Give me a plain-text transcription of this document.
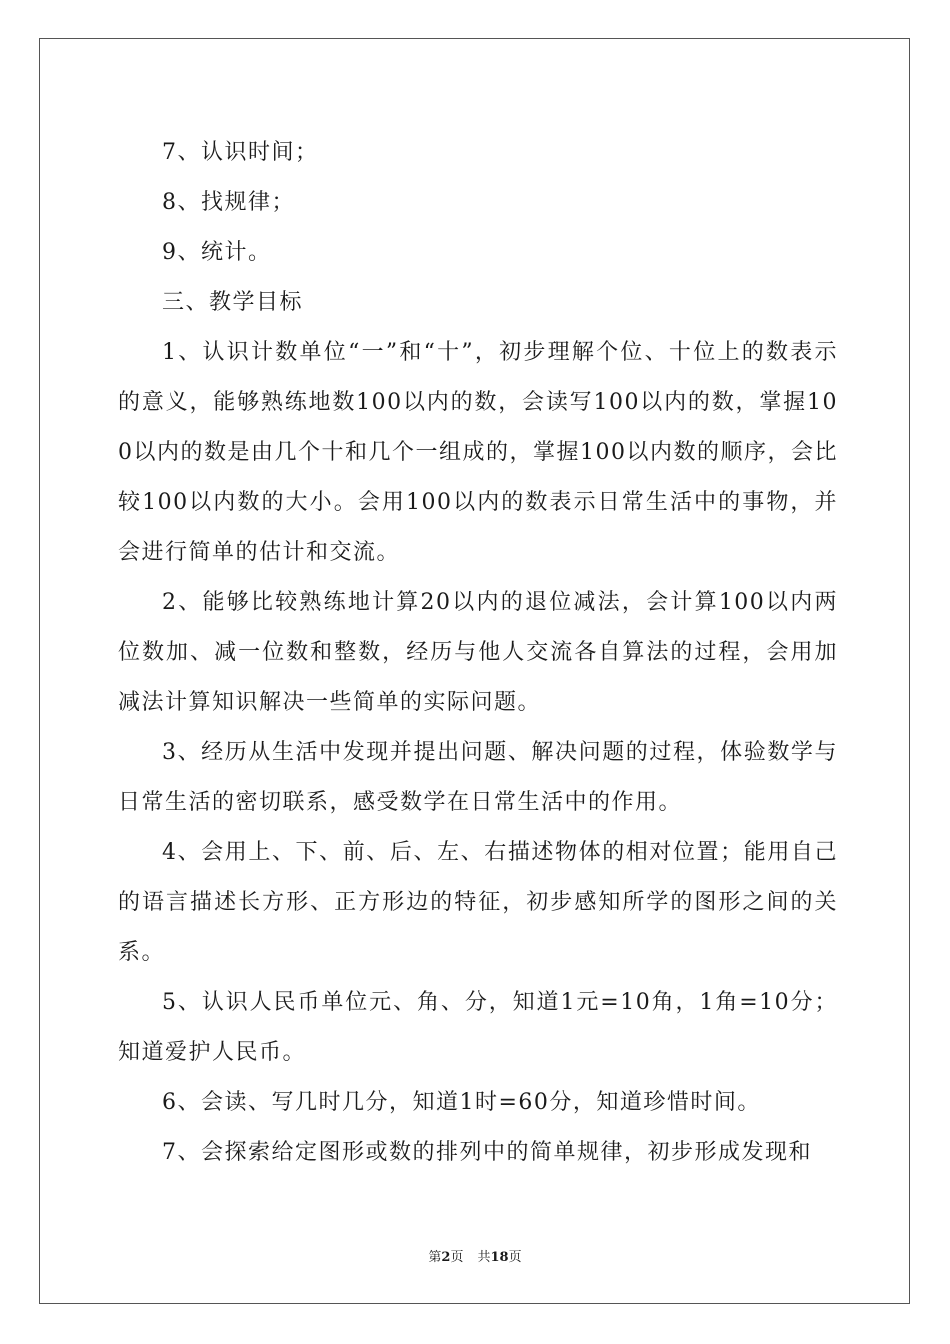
7、认识时间；

8、找规律；

9、统计。

三、教学目标

1、认识计数单位“一”和“十”，初步理解个位、十位上的数表示的意义，能够熟练地数100以内的数，会读写100以内的数，掌握100以内的数是由几个十和几个一组成的，掌握100以内数的顺序，会比较100以内数的大小。会用100以内的数表示日常生活中的事物，并会进行简单的估计和交流。

2、能够比较熟练地计算20以内的退位减法，会计算100以内两位数加、减一位数和整数，经历与他人交流各自算法的过程，会用加减法计算知识解决一些简单的实际问题。

3、经历从生活中发现并提出问题、解决问题的过程，体验数学与日常生活的密切联系，感受数学在日常生活中的作用。

4、会用上、下、前、后、左、右描述物体的相对位置；能用自己的语言描述长方形、正方形边的特征，初步感知所学的图形之间的关系。

5、认识人民币单位元、角、分，知道1元=10角，1角=10分；知道爱护人民币。

6、会读、写几时几分，知道1时=60分，知道珍惜时间。

7、会探索给定图形或数的排列中的简单规律，初步形成发现和

第2页 共18页
